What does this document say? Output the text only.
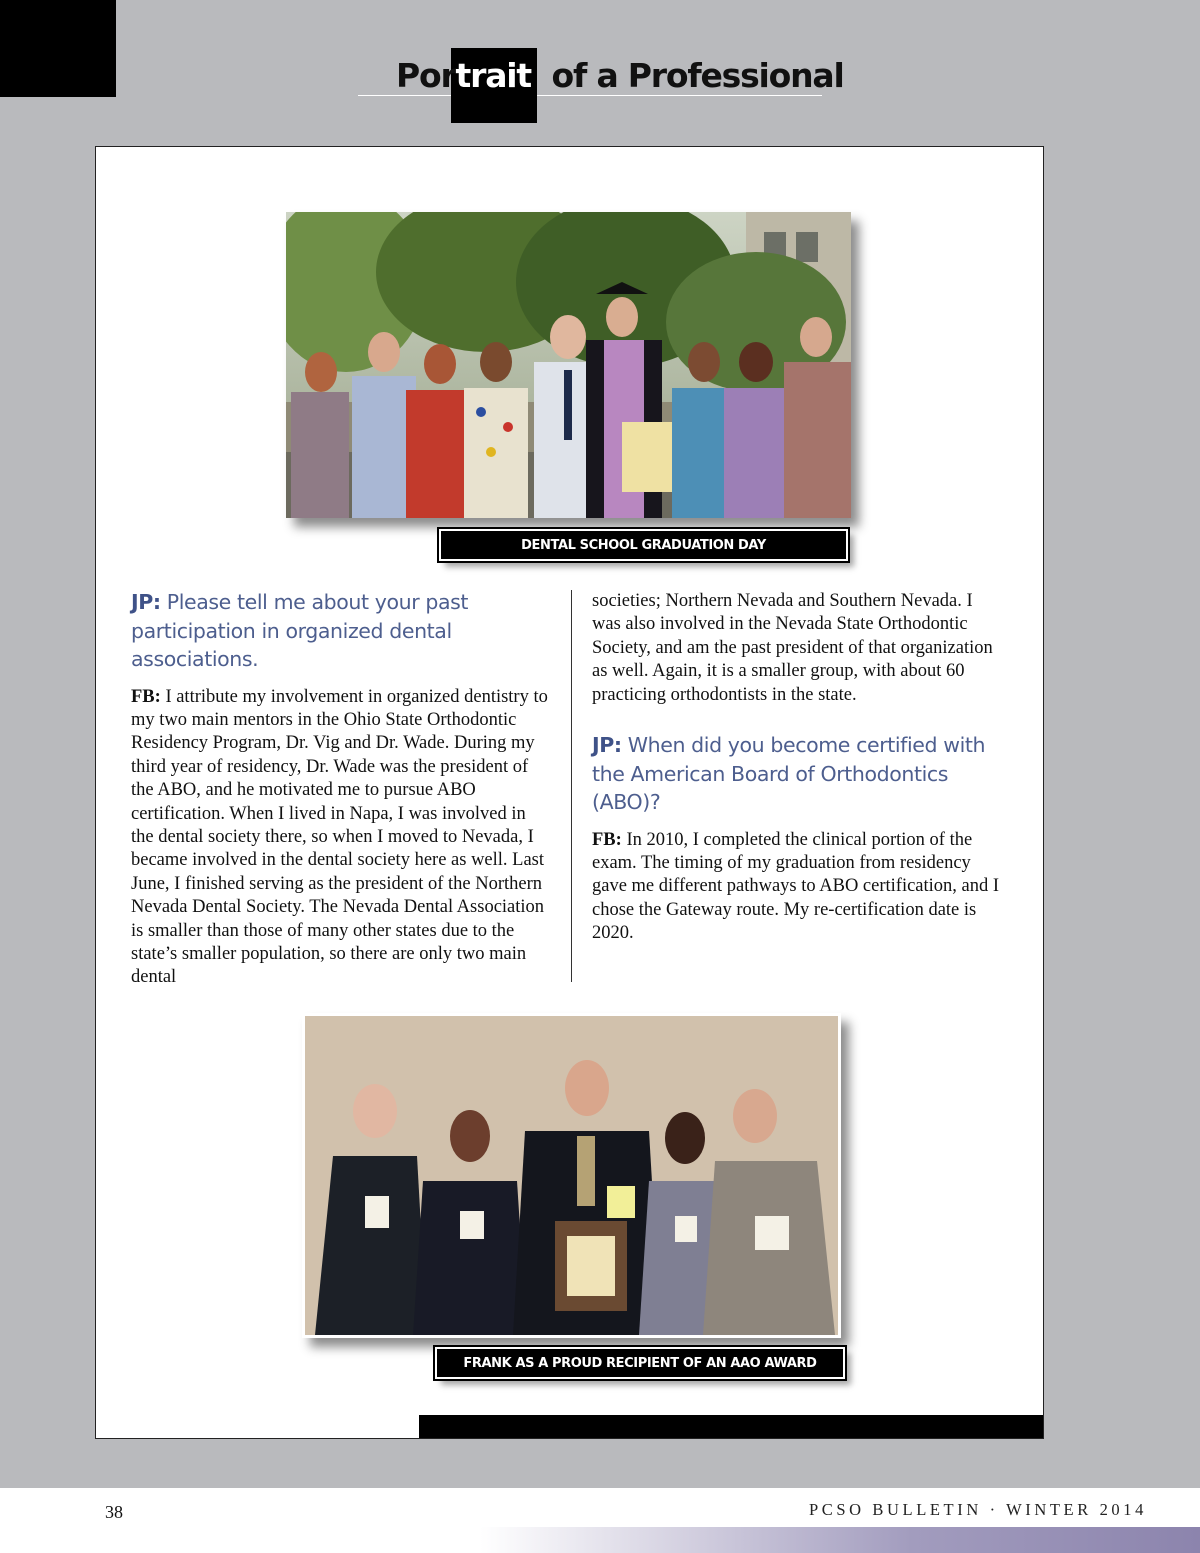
Portrait  of a Professional
DENTAL SCHOOL GRADUATION DAY

JP: Please tell me about your past participation in organized dental associations.

FB: I attribute my involvement in organized dentistry to my two main mentors in the Ohio State Orthodontic Residency Program, Dr. Vig and Dr. Wade. During my third year of residency, Dr. Wade was the president of the ABO, and he motivated me to pursue ABO certification. When I lived in Napa, I was involved in the dental society there, so when I moved to Nevada, I became involved in the dental society here as well. Last June, I finished serving as the president of the Northern Nevada Dental Society. The Nevada Dental Association is smaller than those of many other states due to the state’s smaller population, so there are only two main dental

societies; Northern Nevada and Southern Nevada. I was also involved in the Nevada State Orthodontic Society, and am the past president of that organization as well. Again, it is a smaller group, with about 60 practicing orthodontists in the state.

JP: When did you become certified with the American Board of Orthodontics (ABO)?

FB: In 2010, I completed the clinical portion of the exam. The timing of my graduation from residency gave me different pathways to ABO certification, and I chose the Gateway route. My re-certification date is 2020.

FRANK AS A PROUD RECIPIENT OF AN AAO AWARD
38	PCSO BULLETIN · WINTER 2014
